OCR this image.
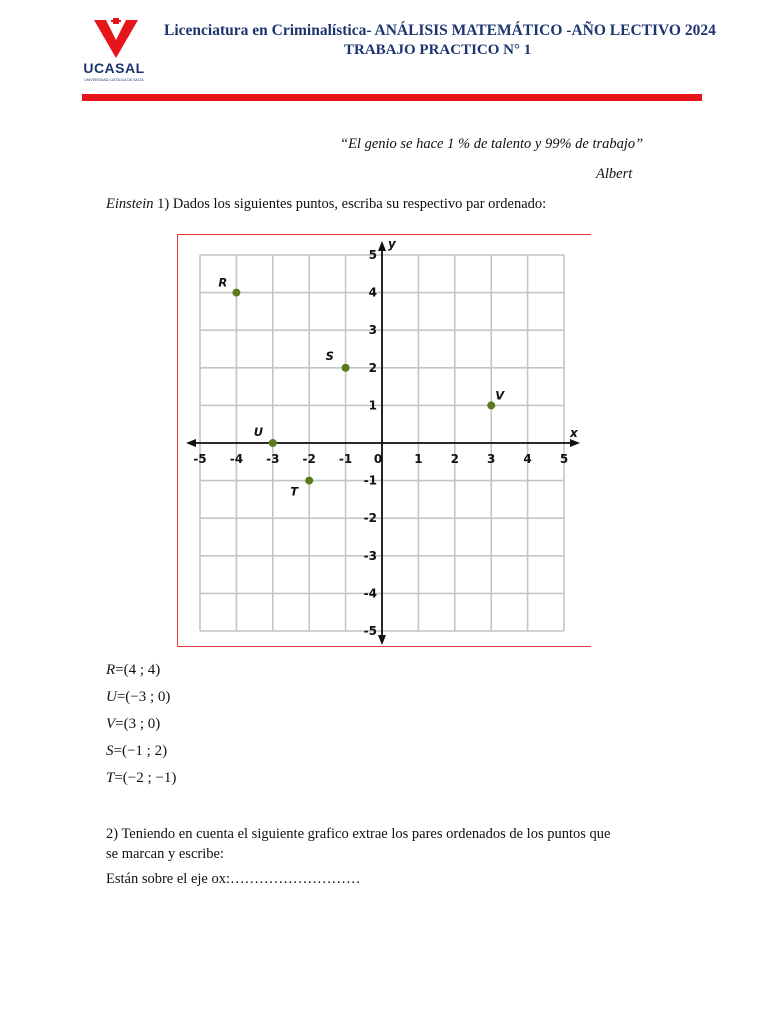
UCASAL
UNIVERSIDAD CATÓLICA DE SALTA
Licenciatura en Criminalística- ANÁLISIS MATEMÁTICO -AÑO LECTIVO 2024
TRABAJO PRACTICO N° 1
“El genio se hace 1 % de talento y 99% de trabajo”
Albert
Einstein 1) Dados los siguientes puntos, escriba su respectivo par ordenado:
x
y
-5 -4 -3 -2 -1 0	1 2 3 4 5
5
4
3
2
1
-1
-2
-3
-4
-5
R
S
V
U
T
R=(4 ; 4)
U=(−3 ; 0)
V=(3 ; 0)
S=(−1 ; 2)
T=(−2 ; −1)
2) Teniendo en cuenta el siguiente grafico extrae los pares ordenados de los puntos que se marcan y escribe:
Están sobre el eje ox:………………………
